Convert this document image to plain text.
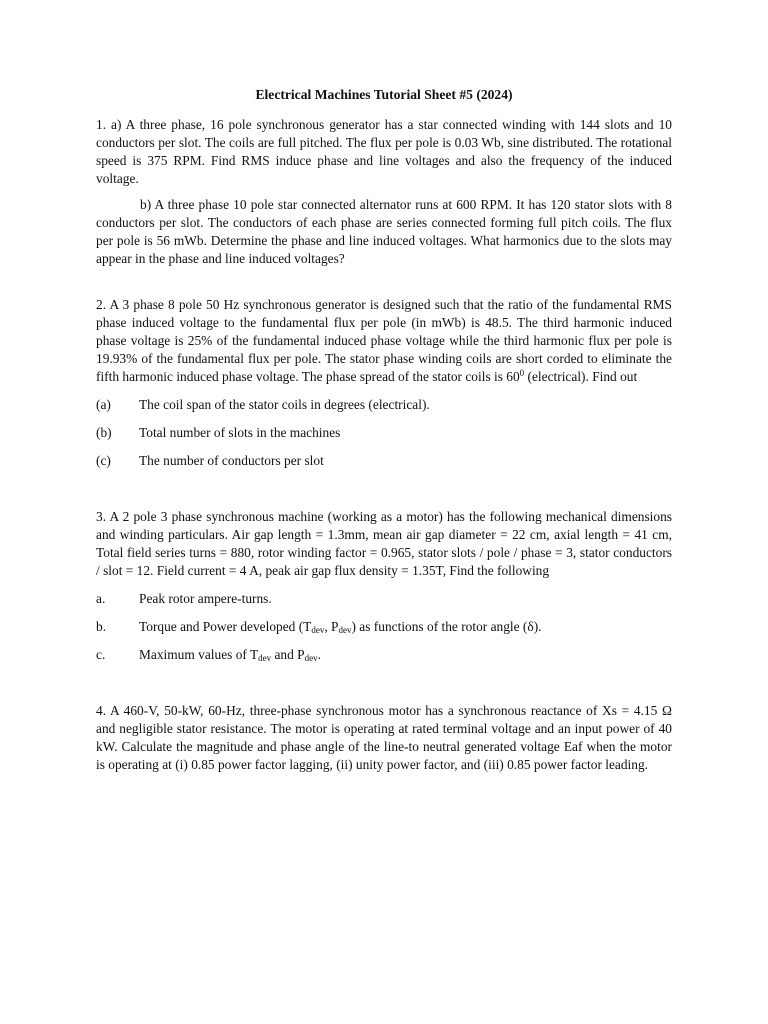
Electrical Machines Tutorial Sheet #5 (2024)

1. a) A three phase, 16 pole synchronous generator has a star connected winding with 144 slots and 10 conductors per slot. The coils are full pitched. The flux per pole is 0.03 Wb, sine distributed. The rotational speed is 375 RPM. Find RMS induce phase and line voltages and also the frequency of the induced voltage.

b) A three phase 10 pole star connected alternator runs at 600 RPM. It has 120 stator slots with 8 conductors per slot. The conductors of each phase are series connected forming full pitch coils. The flux per pole is 56 mWb. Determine the phase and line induced voltages. What harmonics due to the slots may appear in the phase and line induced voltages?

2. A 3 phase 8 pole 50 Hz synchronous generator is designed such that the ratio of the fundamental RMS phase induced voltage to the fundamental flux per pole (in mWb) is 48.5. The third harmonic induced phase voltage is 25% of the fundamental induced phase voltage while the third harmonic flux per pole is 19.93% of the fundamental flux per pole. The stator phase winding coils are short corded to eliminate the fifth harmonic induced phase voltage. The phase spread of the stator coils is $60^0$ (electrical). Find out

(a)	The coil span of the stator coils in degrees (electrical).
(b)	Total number of slots in the machines
(c)	The number of conductors per slot

3. A 2 pole 3 phase synchronous machine (working as a motor) has the following mechanical dimensions and winding particulars. Air gap length = 1.3mm, mean air gap diameter = 22 cm, axial length = 41 cm, Total field series turns = 880, rotor winding factor = 0.965, stator slots / pole / phase = 3, stator conductors / slot = 12. Field current = 4 A, peak air gap flux density = 1.35T, Find the following

a.	Peak rotor ampere-turns.
b.	Torque and Power developed ($T_{dev}$, $P_{dev}$) as functions of the rotor angle (δ).
c.	Maximum values of $T_{dev}$ and $P_{dev}$.

4. A 460-V, 50-kW, 60-Hz, three-phase synchronous motor has a synchronous reactance of Xs = 4.15 Ω and negligible stator resistance. The motor is operating at rated terminal voltage and an input power of 40 kW. Calculate the magnitude and phase angle of the line-to neutral generated voltage Eaf when the motor is operating at (i) 0.85 power factor lagging, (ii) unity power factor, and (iii) 0.85 power factor leading.
